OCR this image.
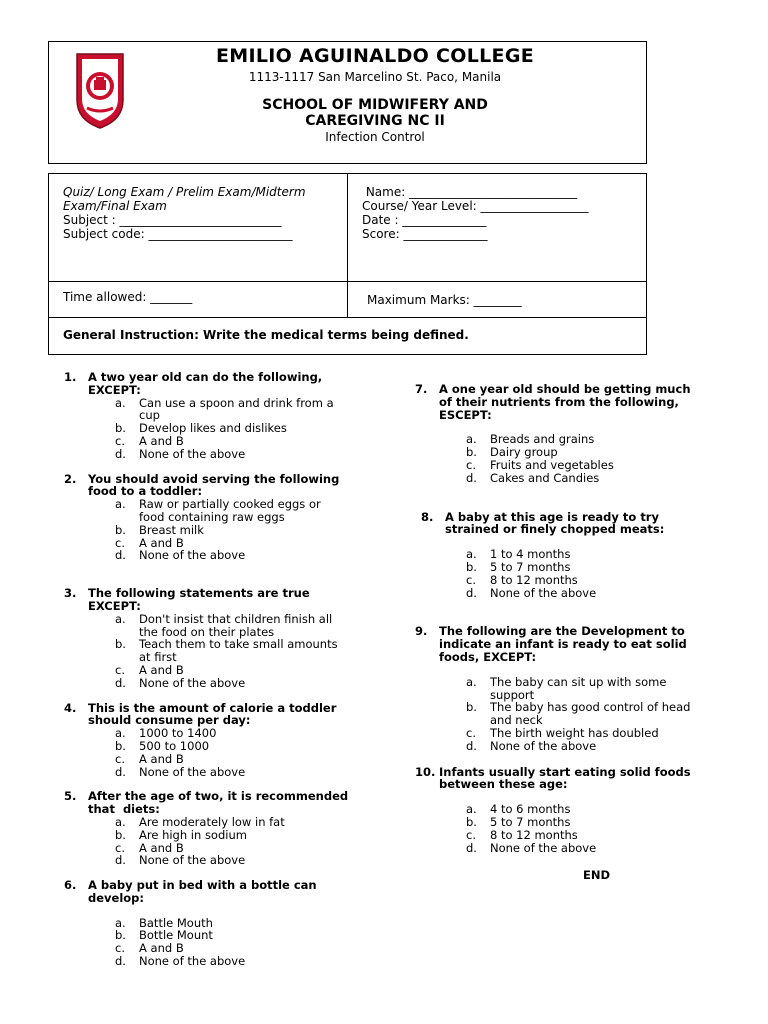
EMILIO AGUINALDO COLLEGE
1113-1117 San Marcelino St. Paco, Manila
SCHOOL OF MIDWIFERY AND
CAREGIVING NC II
Infection Control
Quiz/ Long Exam / Prelim Exam/Midterm Exam/Final Exam
Subject : ___________________________
Subject code: ________________________
Name: ____________________________
Course/ Year Level: __________________
Date : ______________
Score: ______________
Time allowed: _______	Maximum Marks: ________
General Instruction: Write the medical terms being defined.
1. A two year old can do the following, EXCEPT:
a. Can use a spoon and drink from a cup
b. Develop likes and dislikes
c. A and B
d. None of the above
2. You should avoid serving the following food to a toddler:
a. Raw or partially cooked eggs or food containing raw eggs
b. Breast milk
c. A and B
d. None of the above
3. The following statements are true EXCEPT:
a. Don't insist that children finish all the food on their plates
b. Teach them to take small amounts at first
c. A and B
d. None of the above
4. This is the amount of calorie a toddler should consume per day:
a. 1000 to 1400
b. 500 to 1000
c. A and B
d. None of the above
5. After the age of two, it is recommended that  diets:
a. Are moderately low in fat
b. Are high in sodium
c. A and B
d. None of the above
6. A baby put in bed with a bottle can develop:
a. Battle Mouth
b. Bottle Mount
c. A and B
d. None of the above
7. A one year old should be getting much of their nutrients from the following, ESCEPT:
a. Breads and grains
b. Dairy group
c. Fruits and vegetables
d. Cakes and Candies
8. A baby at this age is ready to try strained or finely chopped meats:
a. 1 to 4 months
b. 5 to 7 months
c. 8 to 12 months
d. None of the above
9. The following are the Development to indicate an infant is ready to eat solid foods, EXCEPT:
a. The baby can sit up with some support
b. The baby has good control of head and neck
c. The birth weight has doubled
d. None of the above
10. Infants usually start eating solid foods between these age:
a. 4 to 6 months
b. 5 to 7 months
c. 8 to 12 months
d. None of the above
END
